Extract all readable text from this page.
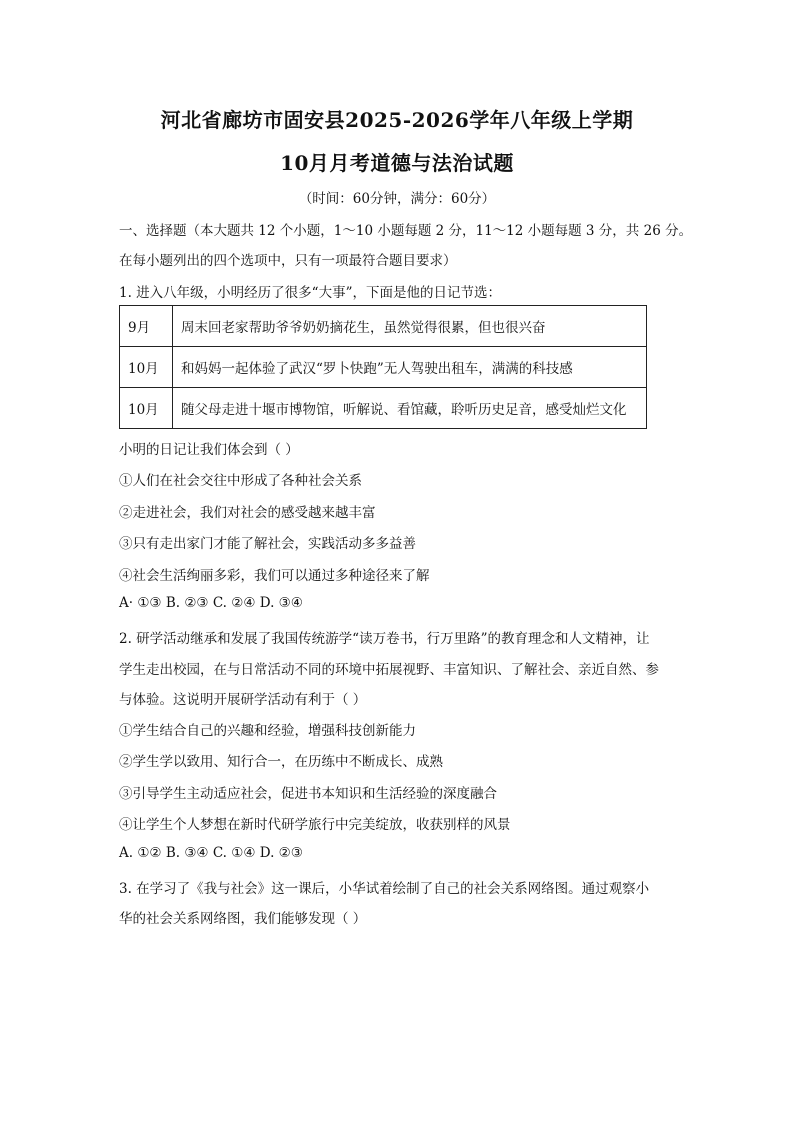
河北省廊坊市固安县2025-2026学年八年级上学期
10月月考道德与法治试题
（时间：60分钟，满分：60分）
一、选择题（本大题共 12 个小题，1～10 小题每题 2 分，11～12 小题每题 3 分，共 26 分。
在每小题列出的四个选项中，只有一项最符合题目要求）
1. 进入八年级，小明经历了很多“大事”，下面是他的日记节选：
9月	周末回老家帮助爷爷奶奶摘花生，虽然觉得很累，但也很兴奋
10月	和妈妈一起体验了武汉“罗卜快跑”无人驾驶出租车，满满的科技感
10月	随父母走进十堰市博物馆，听解说、看馆藏，聆听历史足音，感受灿烂文化
小明的日记让我们体会到（ ）
①人们在社会交往中形成了各种社会关系
②走进社会，我们对社会的感受越来越丰富
③只有走出家门才能了解社会，实践活动多多益善
④社会生活绚丽多彩，我们可以通过多种途径来了解
A· ①③ B. ②③ C. ②④ D. ③④
2. 研学活动继承和发展了我国传统游学“读万卷书，行万里路”的教育理念和人文精神，让
学生走出校园，在与日常活动不同的环境中拓展视野、丰富知识、了解社会、亲近自然、参
与体验。这说明开展研学活动有利于（ ）
①学生结合自己的兴趣和经验，增强科技创新能力
②学生学以致用、知行合一，在历练中不断成长、成熟
③引导学生主动适应社会，促进书本知识和生活经验的深度融合
④让学生个人梦想在新时代研学旅行中完美绽放，收获别样的风景
A. ①② B. ③④ C. ①④ D. ②③
3. 在学习了《我与社会》这一课后，小华试着绘制了自己的社会关系网络图。通过观察小
华的社会关系网络图，我们能够发现（ ）
